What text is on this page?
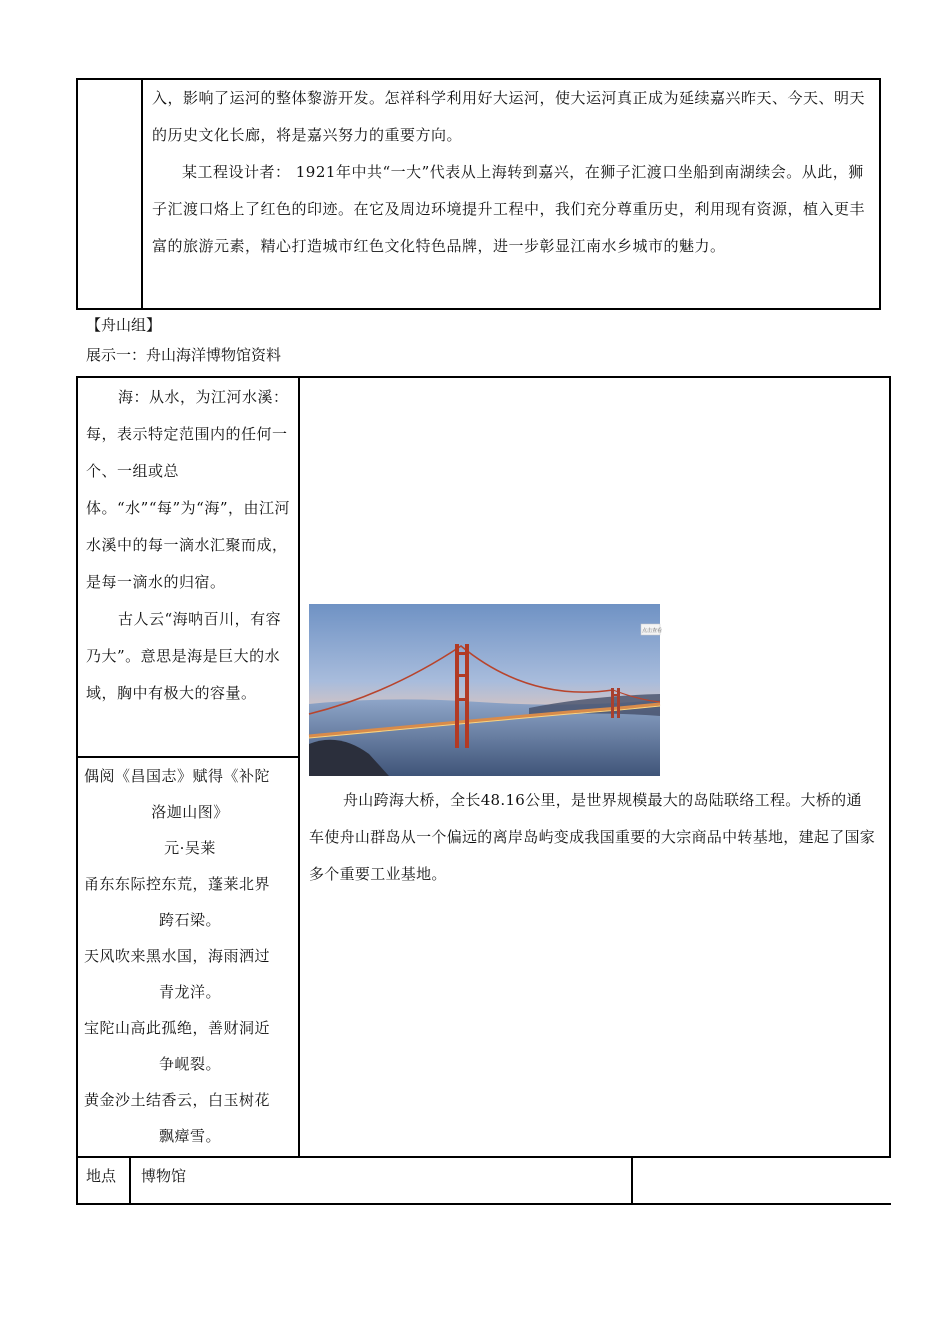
入，影响了运河的整体黎游开发。怎祥科学利用好大运河，使大运河真正成为延续嘉兴昨天、今天、明天的历史文化长廊，将是嘉兴努力的重要方向。

某工程设计者： 1921年中共“一大”代表从上海转到嘉兴，在狮子汇渡口坐船到南湖续会。从此，狮子汇渡口烙上了红色的印迹。在它及周边环境提升工程中，我们充分尊重历史，利用现有资源，植入更丰富的旅游元素，精心打造城市红色文化特色品牌，进一步彰显江南水乡城市的魅力。

【舟山组】
展示一：舟山海洋博物馆资料

海：从水，为江河水溪：每，表示特定范围内的任何一个、一组或总体。“水”“每”为“海”，由江河水溪中的每一滴水汇聚而成，是每一滴水的归宿。

古人云“海呐百川，有容乃大”。意思是海是巨大的水域，胸中有极大的容量。

偶阅《昌国志》赋得《补陀

洛迦山图》

元·吴莱

甬东东际控东荒，蓬莱北界

跨石梁。

天风吹来黑水国，海雨洒过

青龙洋。

宝陀山高此孤绝，善财洞近

争岘裂。

黄金沙土结香云，白玉树花

飘瘴雪。

点击查看

舟山跨海大桥，全长48.16公里，是世界规模最大的岛陆联络工程。大桥的通车使舟山群岛从一个偏远的离岸岛屿变成我国重要的大宗商品中转基地，建起了国家多个重要工业基地。

地点 博物馆
